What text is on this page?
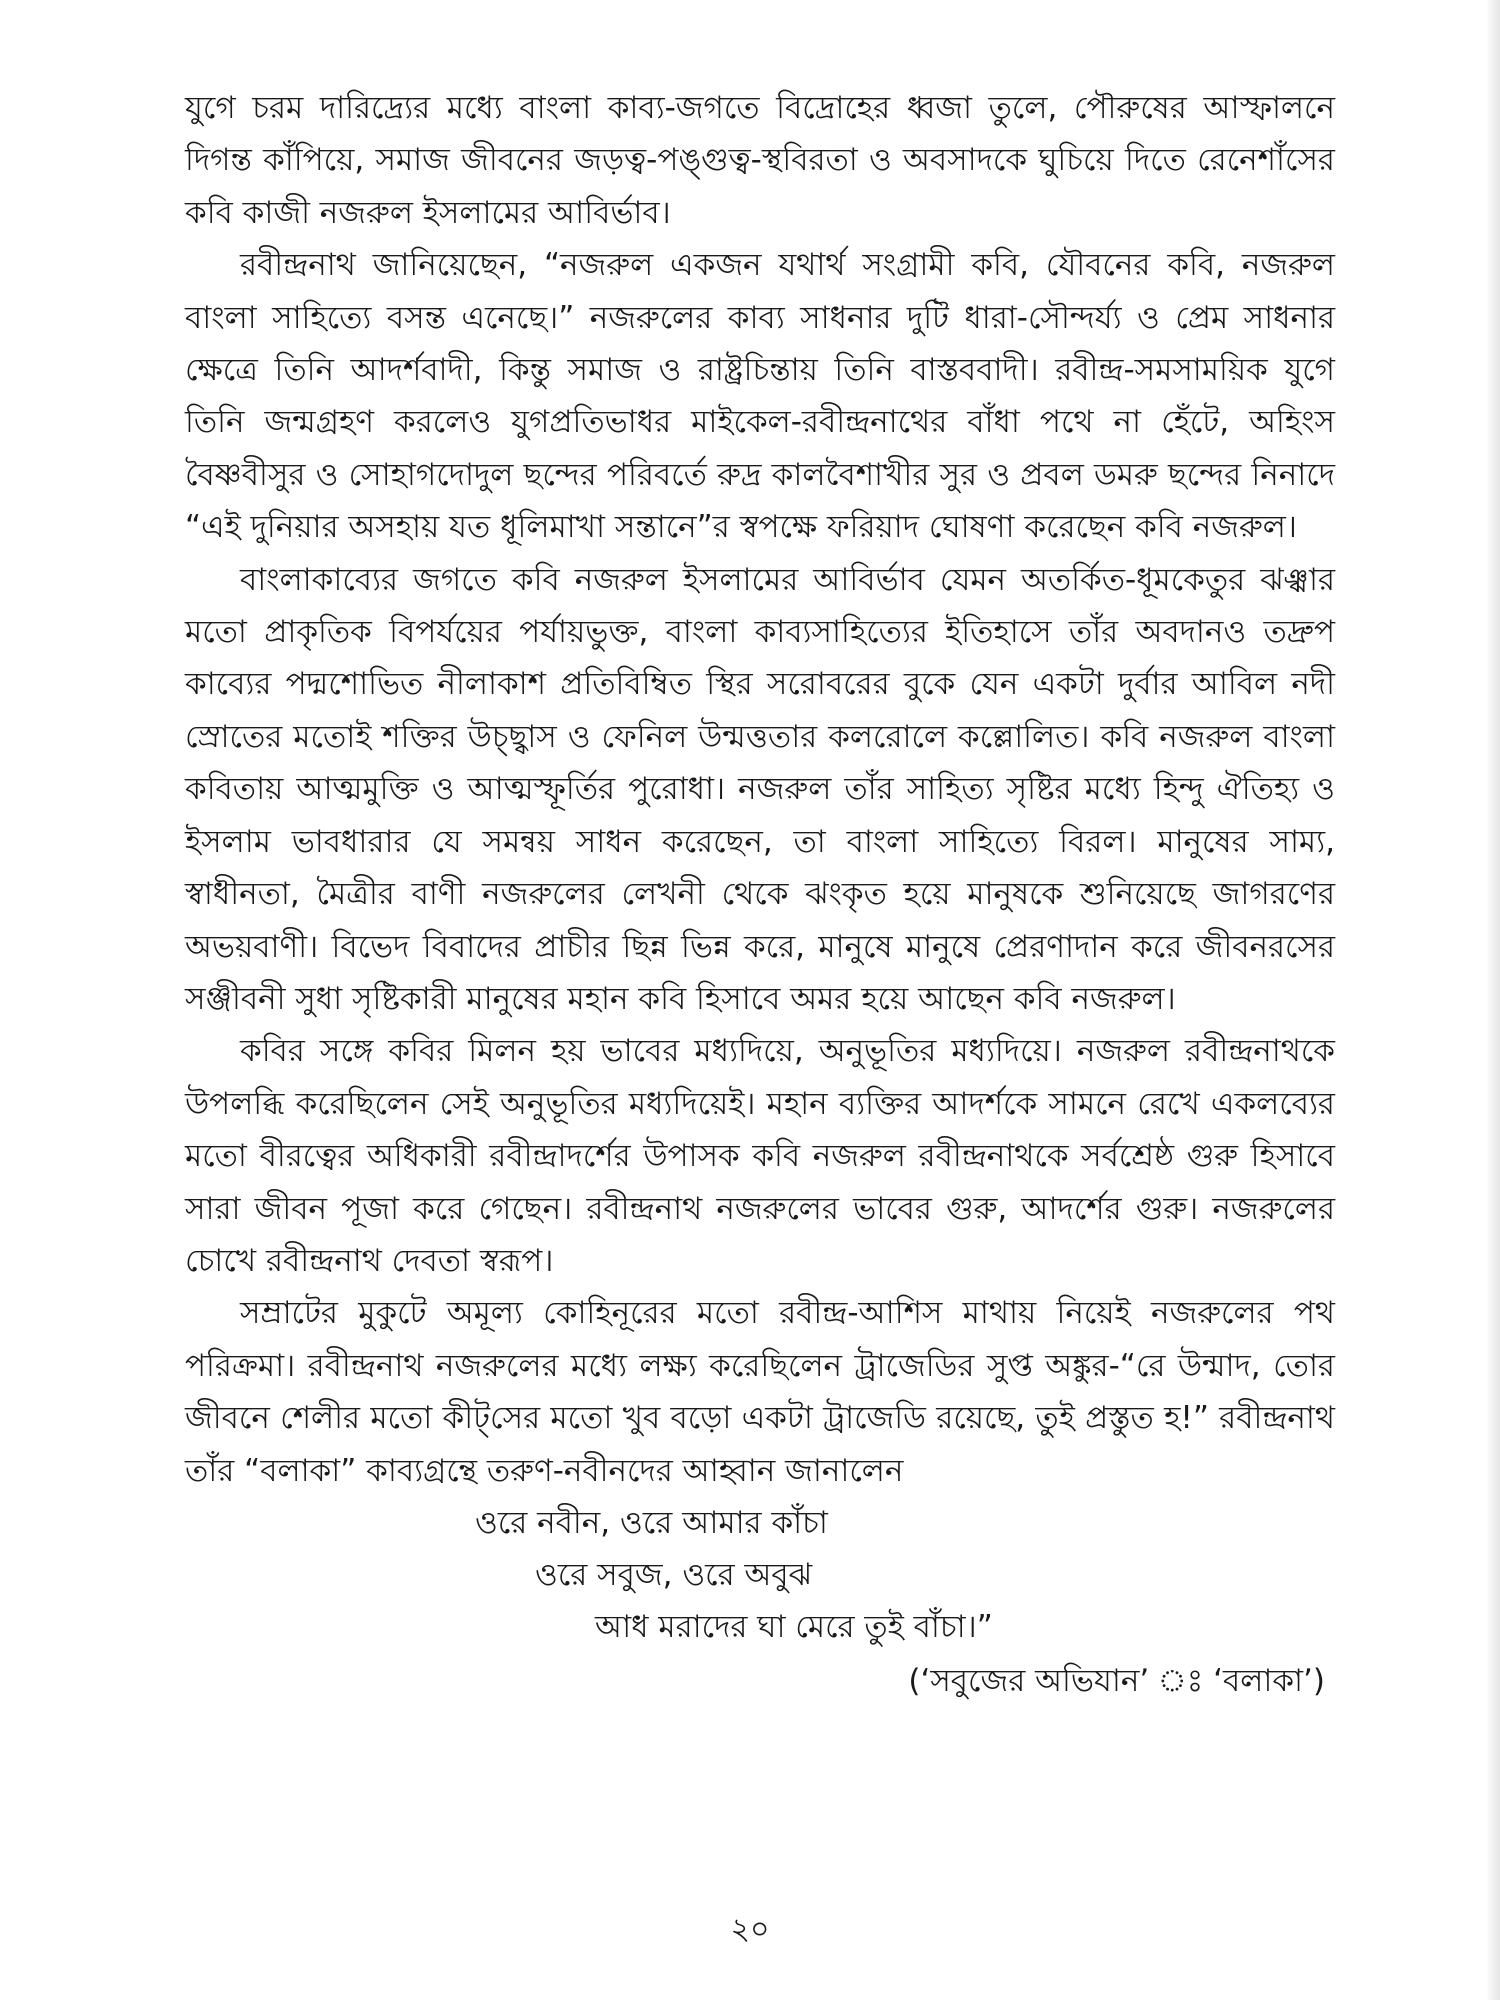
যুগে চরম দারিদ্র্যের মধ্যে বাংলা কাব্য-জগতে বিদ্রোহের ধ্বজা তুলে, পৌরুষের আস্ফালনে দিগন্ত কাঁপিয়ে, সমাজ জীবনের জড়ত্ব-পঙ্গুত্ব-স্থবিরতা ও অবসাদকে ঘুচিয়ে দিতে রেনেশাঁসের কবি কাজী নজরুল ইসলামের আবির্ভাব।

রবীন্দ্রনাথ জানিয়েছেন, “নজরুল একজন যথার্থ সংগ্রামী কবি, যৌবনের কবি, নজরুল বাংলা সাহিত্যে বসন্ত এনেছে।” নজরুলের কাব্য সাধনার দুটি ধারা-সৌন্দর্য্য ও প্রেম সাধনার ক্ষেত্রে তিনি আদর্শবাদী, কিন্তু সমাজ ও রাষ্ট্রচিন্তায় তিনি বাস্তববাদী। রবীন্দ্র-সমসাময়িক যুগে তিনি জন্মগ্রহণ করলেও যুগপ্রতিভাধর মাইকেল-রবীন্দ্রনাথের বাঁধা পথে না হেঁটে, অহিংস বৈষ্ণবীসুর ও সোহাগদোদুল ছন্দের পরিবর্তে রুদ্র কালবৈশাখীর সুর ও প্রবল ডমরু ছন্দের নিনাদে “এই দুনিয়ার অসহায় যত ধূলিমাখা সন্তানে”র স্বপক্ষে ফরিয়াদ ঘোষণা করেছেন কবি নজরুল।

বাংলাকাব্যের জগতে কবি নজরুল ইসলামের আবির্ভাব যেমন অতর্কিত-ধূমকেতুর ঝঞ্ঝার মতো প্রাকৃতিক বিপর্যয়ের পর্যায়ভুক্ত, বাংলা কাব্যসাহিত্যের ইতিহাসে তাঁর অবদানও তদ্রুপ কাব্যের পদ্মশোভিত নীলাকাশ প্রতিবিম্বিত স্থির সরোবরের বুকে যেন একটা দুর্বার আবিল নদী স্রোতের মতোই শক্তির উচ্ছ্বাস ও ফেনিল উন্মত্ততার কলরোলে কল্লোলিত। কবি নজরুল বাংলা কবিতায় আত্মমুক্তি ও আত্মস্ফূর্তির পুরোধা। নজরুল তাঁর সাহিত্য সৃষ্টির মধ্যে হিন্দু ঐতিহ্য ও ইসলাম ভাবধারার যে সমন্বয় সাধন করেছেন, তা বাংলা সাহিত্যে বিরল। মানুষের সাম্য, স্বাধীনতা, মৈত্রীর বাণী নজরুলের লেখনী থেকে ঝংকৃত হয়ে মানুষকে শুনিয়েছে জাগরণের অভয়বাণী। বিভেদ বিবাদের প্রাচীর ছিন্ন ভিন্ন করে, মানুষে মানুষে প্রেরণাদান করে জীবনরসের সঞ্জীবনী সুধা সৃষ্টিকারী মানুষের মহান কবি হিসাবে অমর হয়ে আছেন কবি নজরুল।

কবির সঙ্গে কবির মিলন হয় ভাবের মধ্যদিয়ে, অনুভূতির মধ্যদিয়ে। নজরুল রবীন্দ্রনাথকে উপলব্ধি করেছিলেন সেই অনুভূতির মধ্যদিয়েই। মহান ব্যক্তির আদর্শকে সামনে রেখে একলব্যের মতো বীরত্বের অধিকারী রবীন্দ্রাদর্শের উপাসক কবি নজরুল রবীন্দ্রনাথকে সর্বশ্রেষ্ঠ গুরু হিসাবে সারা জীবন পূজা করে গেছেন। রবীন্দ্রনাথ নজরুলের ভাবের গুরু, আদর্শের গুরু। নজরুলের চোখে রবীন্দ্রনাথ দেবতা স্বরূপ।

সম্রাটের মুকুটে অমূল্য কোহিনূরের মতো রবীন্দ্র-আশিস মাথায় নিয়েই নজরুলের পথ পরিক্রমা। রবীন্দ্রনাথ নজরুলের মধ্যে লক্ষ্য করেছিলেন ট্রাজেডির সুপ্ত অঙ্কুর-“রে উন্মাদ, তোর জীবনে শেলীর মতো কীট্‌সের মতো খুব বড়ো একটা ট্রাজেডি রয়েছে, তুই প্রস্তুত হ!” রবীন্দ্রনাথ তাঁর “বলাকা” কাব্যগ্রন্থে তরুণ-নবীনদের আহ্বান জানালেন

ওরে নবীন, ওরে আমার কাঁচা
ওরে সবুজ, ওরে অবুঝ
আধ মরাদের ঘা মেরে তুই বাঁচা।”
(‘সবুজের অভিযান’ ঃ ‘বলাকা’)
২০
